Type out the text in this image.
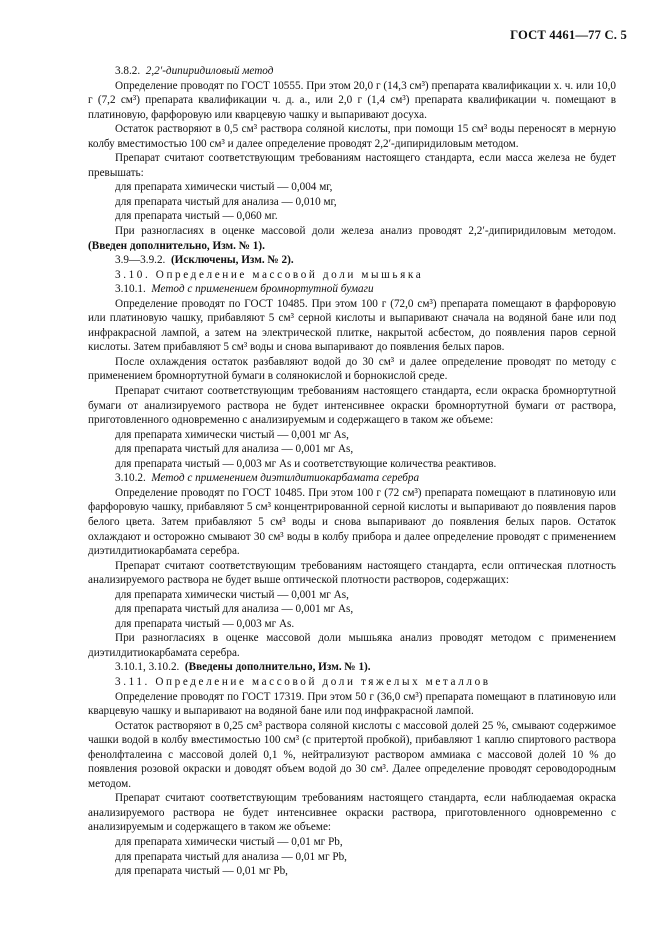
ГОСТ 4461—77 С. 5

3.8.2. 2,2′-дипиридиловый метод

Определение проводят по ГОСТ 10555. При этом 20,0 г (14,3 см³) препарата квалификации х. ч. или 10,0 г (7,2 см³) препарата квалификации ч. д. а., или 2,0 г (1,4 см³) препарата квалификации ч. помещают в платиновую, фарфоровую или кварцевую чашку и выпаривают досуха.

Остаток растворяют в 0,5 см³ раствора соляной кислоты, при помощи 15 см³ воды переносят в мерную колбу вместимостью 100 см³ и далее определение проводят 2,2′-дипиридиловым методом.

Препарат считают соответствующим требованиям настоящего стандарта, если масса железа не будет превышать:

для препарата химически чистый — 0,004 мг,

для препарата чистый для анализа — 0,010 мг,

для препарата чистый — 0,060 мг.

При разногласиях в оценке массовой доли железа анализ проводят 2,2′-дипиридиловым методом. (Введен дополнительно, Изм. № 1).

3.9—3.9.2. (Исключены, Изм. № 2).

3.10. Определение массовой доли мышьяка

3.10.1. Метод с применением бромнортутной бумаги

Определение проводят по ГОСТ 10485. При этом 100 г (72,0 см³) препарата помещают в фарфоровую или платиновую чашку, прибавляют 5 см³ серной кислоты и выпаривают сначала на водяной бане или под инфракрасной лампой, а затем на электрической плитке, накрытой асбестом, до появления паров серной кислоты. Затем прибавляют 5 см³ воды и снова выпаривают до появления белых паров.

После охлаждения остаток разбавляют водой до 30 см³ и далее определение проводят по методу с применением бромнортутной бумаги в солянокислой и борнокислой среде.

Препарат считают соответствующим требованиям настоящего стандарта, если окраска бромнортутной бумаги от анализируемого раствора не будет интенсивнее окраски бромнортутной бумаги от раствора, приготовленного одновременно с анализируемым и содержащего в таком же объеме:

для препарата химически чистый — 0,001 мг As,

для препарата чистый для анализа — 0,001 мг As,

для препарата чистый — 0,003 мг As и соответствующие количества реактивов.

3.10.2. Метод с применением диэтилдитиокарбамата серебра

Определение проводят по ГОСТ 10485. При этом 100 г (72 см³) препарата помещают в платиновую или фарфоровую чашку, прибавляют 5 см³ концентрированной серной кислоты и выпаривают до появления паров белого цвета. Затем прибавляют 5 см³ воды и снова выпаривают до появления белых паров. Остаток охлаждают и осторожно смывают 30 см³ воды в колбу прибора и далее определение проводят с применением диэтилдитиокарбамата серебра.

Препарат считают соответствующим требованиям настоящего стандарта, если оптическая плотность анализируемого раствора не будет выше оптической плотности растворов, содержащих:

для препарата химически чистый — 0,001 мг As,

для препарата чистый для анализа — 0,001 мг As,

для препарата чистый — 0,003 мг As.

При разногласиях в оценке массовой доли мышьяка анализ проводят методом с применением диэтилдитиокарбамата серебра.

3.10.1, 3.10.2. (Введены дополнительно, Изм. № 1).

3.11. Определение массовой доли тяжелых металлов

Определение проводят по ГОСТ 17319. При этом 50 г (36,0 см³) препарата помещают в платиновую или кварцевую чашку и выпаривают на водяной бане или под инфракрасной лампой.

Остаток растворяют в 0,25 см³ раствора соляной кислоты с массовой долей 25 %, смывают содержимое чашки водой в колбу вместимостью 100 см³ (с притертой пробкой), прибавляют 1 каплю спиртового раствора фенолфталеина с массовой долей 0,1 %, нейтрализуют раствором аммиака с массовой долей 10 % до появления розовой окраски и доводят объем водой до 30 см³. Далее определение проводят сероводородным методом.

Препарат считают соответствующим требованиям настоящего стандарта, если наблюдаемая окраска анализируемого раствора не будет интенсивнее окраски раствора, приготовленного одновременно с анализируемым и содержащего в таком же объеме:

для препарата химически чистый — 0,01 мг Pb,

для препарата чистый для анализа — 0,01 мг Pb,

для препарата чистый — 0,01 мг Pb,
